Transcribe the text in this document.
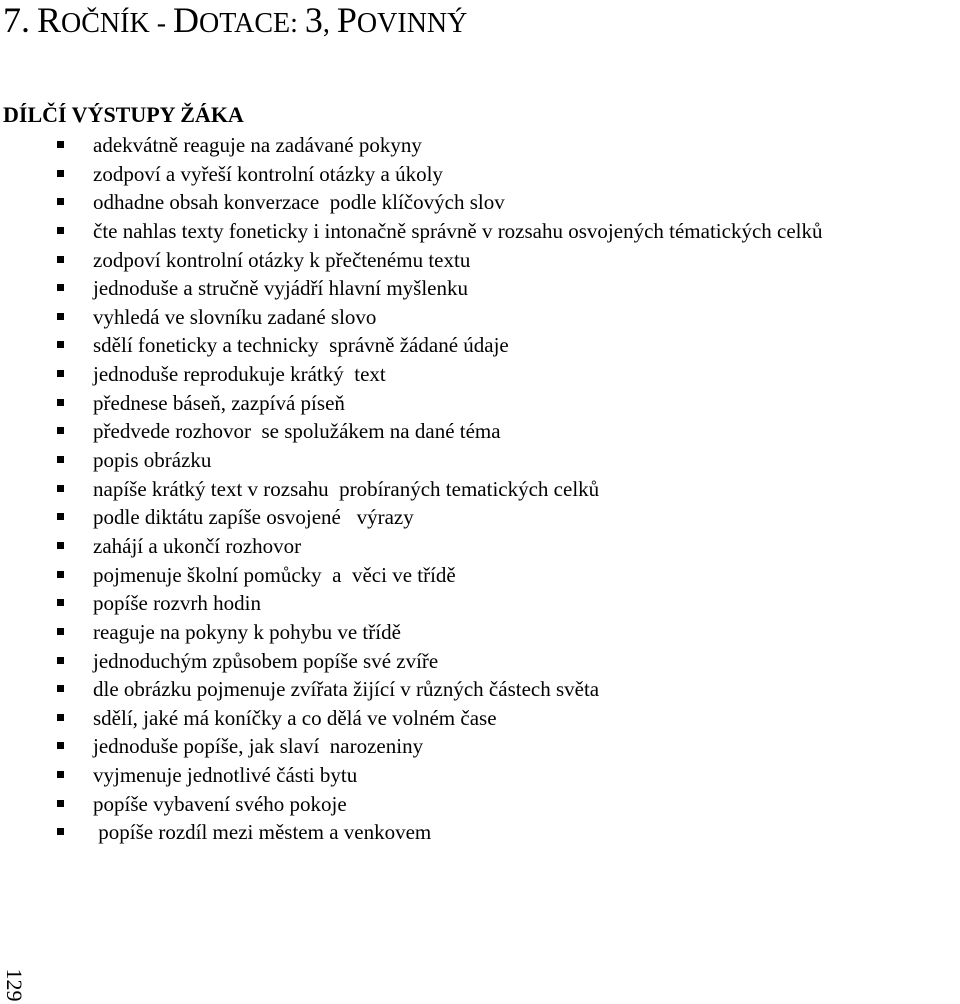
7. ROČNÍK - DOTACE: 3, POVINNÝ
DÍLČÍ VÝSTUPY ŽÁKA
adekvátně reaguje na zadávané pokyny
zodpoví a vyřeší kontrolní otázky a úkoly
odhadne obsah konverzace  podle klíčových slov
čte nahlas texty foneticky i intonačně správně v rozsahu osvojených tématických celků
zodpoví kontrolní otázky k přečtenému textu
jednoduše a stručně vyjádří hlavní myšlenku
vyhledá ve slovníku zadané slovo
sdělí foneticky a technicky  správně žádané údaje
jednoduše reprodukuje krátký  text
přednese báseň, zazpívá píseň
předvede rozhovor  se spolužákem na dané téma
popis obrázku
napíše krátký text v rozsahu  probíraných tematických celků
podle diktátu zapíše osvojené   výrazy
zahájí a ukončí rozhovor
pojmenuje školní pomůcky  a  věci ve třídě
popíše rozvrh hodin
reaguje na pokyny k pohybu ve třídě
jednoduchým způsobem popíše své zvíře
dle obrázku pojmenuje zvířata žijící v různých částech světa
sdělí, jaké má koníčky a co dělá ve volném čase
jednoduše popíše, jak slaví  narozeniny
vyjmenuje jednotlivé části bytu
popíše vybavení svého pokoje
popíše rozdíl mezi městem a venkovem
129
